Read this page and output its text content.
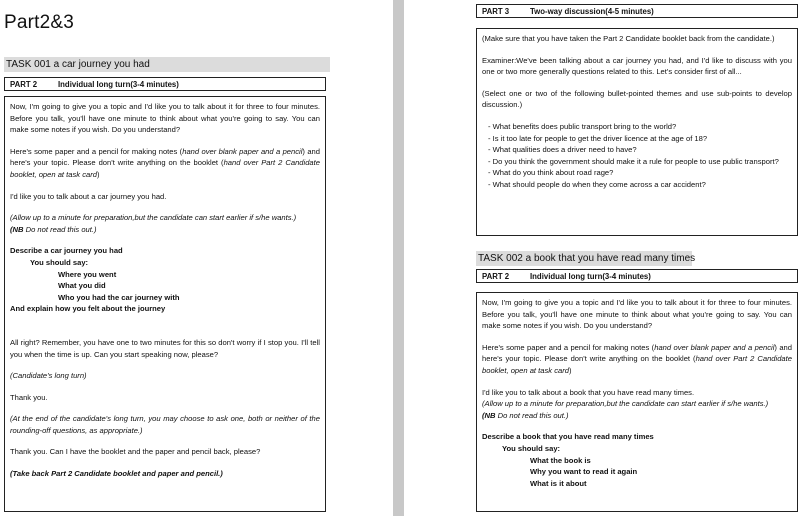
Part2&3
TASK 001 a car journey you had
PART 2	Individual long turn(3-4 minutes)

Now, I'm going to give you a topic and I'd like you to talk about it for three to four minutes. Before you talk, you'll have one minute to think about what you're going to say. You can make some notes if you wish. Do you understand?

Here's some paper and a pencil for making notes (hand over blank paper and a pencil) and here's your topic. Please don't write anything on the booklet (hand over Part 2 Candidate booklet, open at task card)

I'd like you to talk about a car journey you had.

(Allow up to a minute for preparation,but the candidate can start earlier if s/he wants.)

(NB Do not read this out.)

Describe a car journey you had

You should say:

Where you went

What you did

Who you had the car journey with

And explain how you felt about the journey

All right? Remember, you have one to two minutes for this so don't worry if I stop you. I'll tell you when the time is up. Can you start speaking now, please?

(Candidate's long turn)

Thank you.

(At the end of the candidate's long turn, you may choose to ask one, both or neither of the rounding-off questions, as appropriate.)

Thank you. Can I have the booklet and the paper and pencil back, please?

(Take back Part 2 Candidate booklet and paper and pencil.)

PART 3	Two-way discussion(4-5 minutes)

(Make sure that you have taken the Part 2 Candidate booklet back from the candidate.)

Examiner:We've been talking about a car journey you had, and I'd like to discuss with you one or two more generally questions related to this. Let's consider first of all...

(Select one or two of the following bullet-pointed themes and use sub-points to develop discussion.)

- What benefits does public transport bring to the world?

- Is it too late for people to get the driver licence at the age of 18?

- What qualities does a driver need to have?

- Do you think the government should make it a rule for people to use public transport?

- What do you think about road rage?

- What should people do when they come across a car accident?

TASK 002 a book that you have read many times
PART 2	Individual long turn(3-4 minutes)

Now, I'm going to give you a topic and I'd like you to talk about it for three to four minutes. Before you talk, you'll have one minute to think about what you're going to say. You can make some notes if you wish. Do you understand?

Here's some paper and a pencil for making notes (hand over blank paper and a pencil) and here's your topic. Please don't write anything on the booklet (hand over Part 2 Candidate booklet, open at task card)

I'd like you to talk about a book that you have read many times.

(Allow up to a minute for preparation,but the candidate can start earlier if s/he wants.)

(NB Do not read this out.)

Describe a book that you have read many times

You should say:

What the book is

Why you want to read it again

What is it about
